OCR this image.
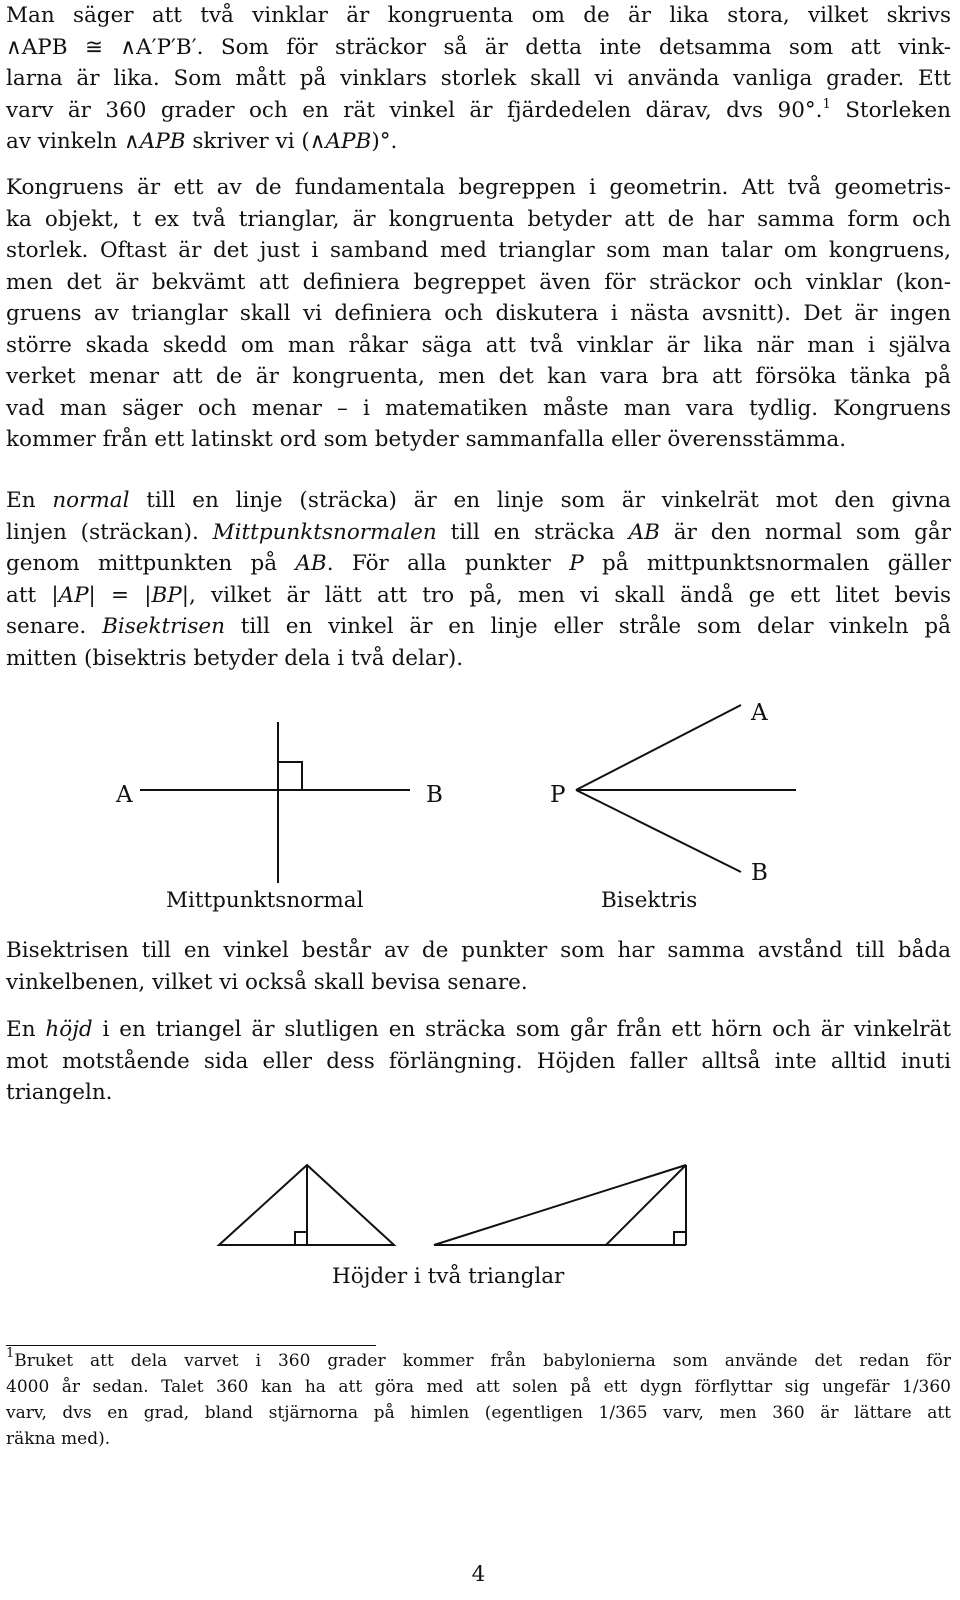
Man säger att två vinklar är kongruenta om de är lika stora, vilket skrivs
∧APB ≅ ∧A′P′B′. Som för sträckor så är detta inte detsamma som att vink-
larna är lika. Som mått på vinklars storlek skall vi använda vanliga grader. Ett
varv är 360 grader och en rät vinkel är fjärdedelen därav, dvs 90°.$^1$ Storleken
av vinkeln ∧APB skriver vi (∧APB)°.
Kongruens är ett av de fundamentala begreppen i geometrin. Att två geometris-
ka objekt, t ex två trianglar, är kongruenta betyder att de har samma form och
storlek. Oftast är det just i samband med trianglar som man talar om kongruens,
men det är bekvämt att definiera begreppet även för sträckor och vinklar (kon-
gruens av trianglar skall vi definiera och diskutera i nästa avsnitt). Det är ingen
större skada skedd om man råkar säga att två vinklar är lika när man i själva
verket menar att de är kongruenta, men det kan vara bra att försöka tänka på
vad man säger och menar – i matematiken måste man vara tydlig. Kongruens
kommer från ett latinskt ord som betyder sammanfalla eller överensstämma.
En normal till en linje (sträcka) är en linje som är vinkelrät mot den givna
linjen (sträckan). Mittpunktsnormalen till en sträcka AB är den normal som går
genom mittpunkten på AB. För alla punkter P på mittpunktsnormalen gäller
att |AP| = |BP|, vilket är lätt att tro på, men vi skall ändå ge ett litet bevis
senare. Bisektrisen till en vinkel är en linje eller stråle som delar vinkeln på
mitten (bisektris betyder dela i två delar).
A	B
Mittpunktsnormal
P
A
B
Bisektris
Bisektrisen till en vinkel består av de punkter som har samma avstånd till båda
vinkelbenen, vilket vi också skall bevisa senare.
En höjd i en triangel är slutligen en sträcka som går från ett hörn och är vinkelrät
mot motstående sida eller dess förlängning. Höjden faller alltså inte alltid inuti
triangeln.
Höjder i två trianglar
$^1$Bruket att dela varvet i 360 grader kommer från babylonierna som använde det redan för
4000 år sedan. Talet 360 kan ha att göra med att solen på ett dygn förflyttar sig ungefär 1/360
varv, dvs en grad, bland stjärnorna på himlen (egentligen 1/365 varv, men 360 är lättare att
räkna med).
4
